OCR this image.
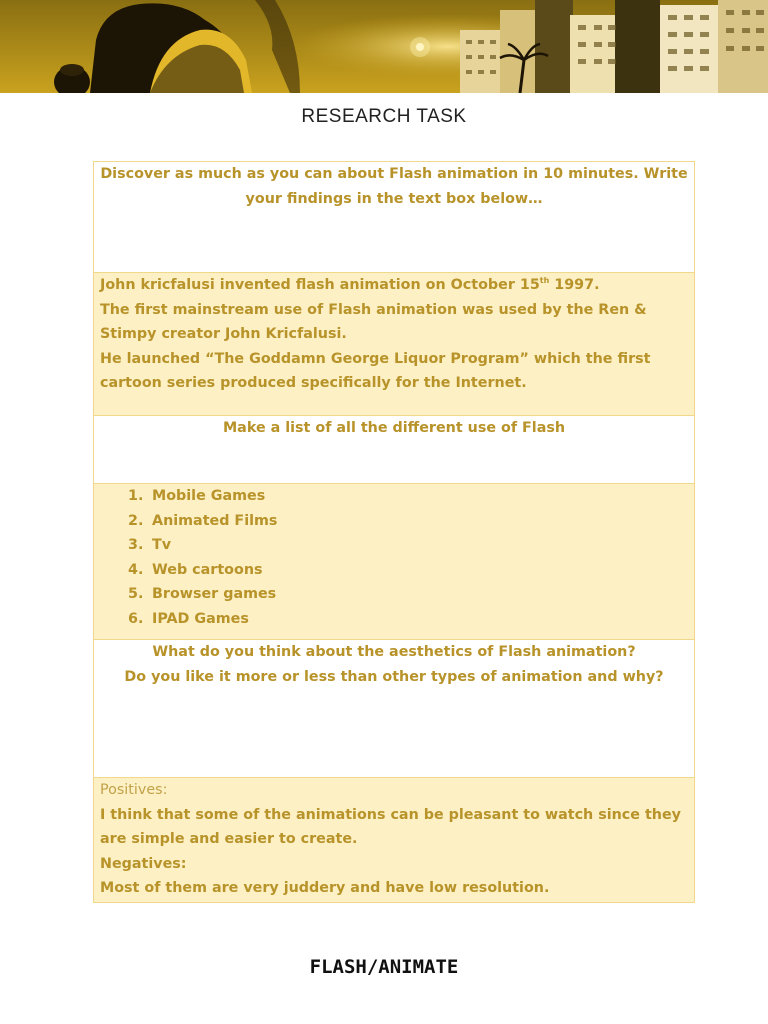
RESEARCH TASK

Discover as much as you can about Flash animation in 10 minutes. Write your findings in the text box below…

John kricfalusi invented flash animation on October 15th 1997.

The first mainstream use of Flash animation was used by the Ren & Stimpy creator John Kricfalusi.

He launched “The Goddamn George Liquor Program” which the first cartoon series produced specifically for the Internet.

Make a list of all the different use of Flash

1. Mobile Games
2. Animated Films
3. Tv
4. Web cartoons
5. Browser games
6. IPAD Games

What do you think about the aesthetics of Flash animation?

Do you like it more or less than other types of animation and why?

Positives:

I think that some of the animations can be pleasant to watch since they are simple and easier to create.

Negatives:

Most of them are very juddery and have low resolution.

FLASH/ANIMATE
